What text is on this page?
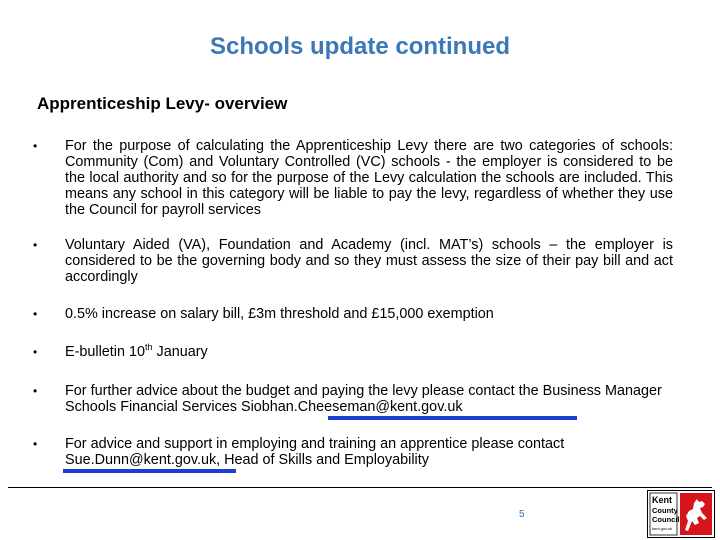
Schools update continued
Apprenticeship Levy- overview
• For the purpose of calculating the Apprenticeship Levy there are two categories of schools: Community (Com) and Voluntary Controlled (VC) schools - the employer is considered to be the local authority and so for the purpose of the Levy calculation the schools are included. This means any school in this category will be liable to pay the levy, regardless of whether they use the Council for payroll services

• Voluntary Aided (VA), Foundation and Academy (incl. MAT’s) schools – the employer is considered to be the governing body and so they must assess the size of their pay bill and act accordingly

• 0.5% increase on salary bill, £3m threshold and £15,000 exemption

• E-bulletin 10th January

• For further advice about the budget and paying the levy please contact the Business Manager Schools Financial Services Siobhan.Cheeseman@kent.gov.uk

• For advice and support in employing and training an apprentice please contact Sue.Dunn@kent.gov.uk, Head of Skills and Employability

5
Kent
County
Council
kent.gov.uk
